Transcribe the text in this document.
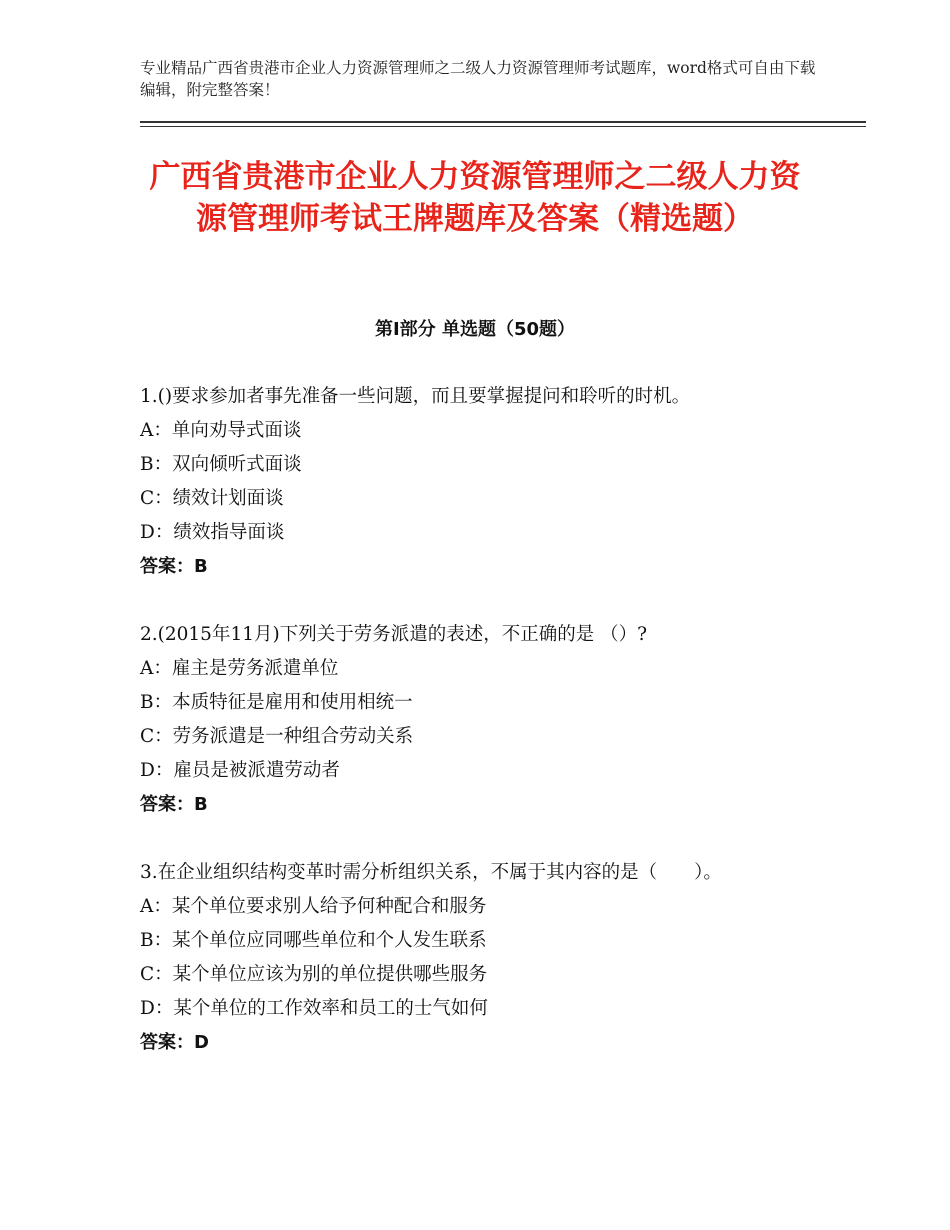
专业精品广西省贵港市企业人力资源管理师之二级人力资源管理师考试题库，word格式可自由下载编辑，附完整答案！
广西省贵港市企业人力资源管理师之二级人力资源管理师考试王牌题库及答案（精选题）
第Ⅰ部分 单选题（50题）
1.()要求参加者事先准备一些问题，而且要掌握提问和聆听的时机。
A：单向劝导式面谈
B：双向倾听式面谈
C：绩效计划面谈
D：绩效指导面谈
答案：B
2.(2015年11月)下列关于劳务派遣的表述，不正确的是 （）?
A：雇主是劳务派遣单位
B：本质特征是雇用和使用相统一
C：劳务派遣是一种组合劳动关系
D：雇员是被派遣劳动者
答案：B
3.在企业组织结构变革时需分析组织关系，不属于其内容的是（　　）。
A：某个单位要求别人给予何种配合和服务
B：某个单位应同哪些单位和个人发生联系
C：某个单位应该为别的单位提供哪些服务
D：某个单位的工作效率和员工的士气如何
答案：D
